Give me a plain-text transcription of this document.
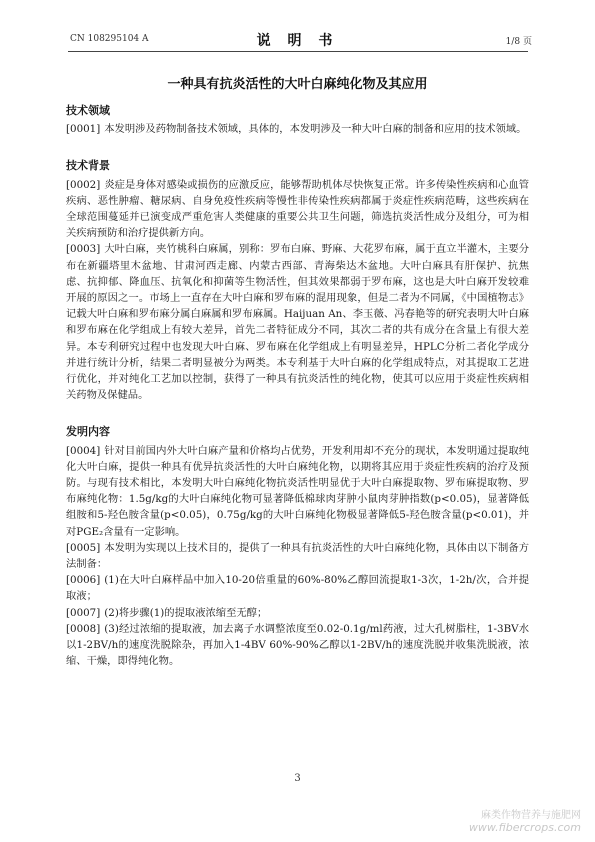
CN 108295104 A	说 明 书	1/8 页
一种具有抗炎活性的大叶白麻纯化物及其应用
技术领域

[0001] 本发明涉及药物制备技术领域，具体的，本发明涉及一种大叶白麻的制备和应用的技术领域。

技术背景

[0002] 炎症是身体对感染或损伤的应激反应，能够帮助机体尽快恢复正常。许多传染性疾病和心血管疾病、恶性肿瘤、糖尿病、自身免疫性疾病等慢性非传染性疾病都属于炎症性疾病范畴，这些疾病在全球范围蔓延并已演变成严重危害人类健康的重要公共卫生问题，筛选抗炎活性成分及组分，可为相关疾病预防和治疗提供新方向。

[0003] 大叶白麻，夹竹桃科白麻属，别称：罗布白麻、野麻、大花罗布麻，属于直立半灌木，主要分布在新疆塔里木盆地、甘肃河西走廊、内蒙古西部、青海柴达木盆地。大叶白麻具有肝保护、抗焦虑、抗抑郁、降血压、抗氧化和抑菌等生物活性，但其效果都弱于罗布麻，这也是大叶白麻开发较难开展的原因之一。市场上一直存在大叶白麻和罗布麻的混用现象，但是二者为不同属，《中国植物志》记载大叶白麻和罗布麻分属白麻属和罗布麻属。Haijuan An、李玉薇、冯春艳等的研究表明大叶白麻和罗布麻在化学组成上有较大差异，首先二者特征成分不同，其次二者的共有成分在含量上有很大差异。本专利研究过程中也发现大叶白麻、罗布麻在化学组成上有明显差异，HPLC分析二者化学成分并进行统计分析，结果二者明显被分为两类。本专利基于大叶白麻的化学组成特点，对其提取工艺进行优化，并对纯化工艺加以控制，获得了一种具有抗炎活性的纯化物，使其可以应用于炎症性疾病相关药物及保健品。

发明内容

[0004] 针对目前国内外大叶白麻产量和价格均占优势，开发利用却不充分的现状，本发明通过提取纯化大叶白麻，提供一种具有优异抗炎活性的大叶白麻纯化物，以期将其应用于炎症性疾病的治疗及预防。与现有技术相比，本发明大叶白麻纯化物抗炎活性明显优于大叶白麻提取物、罗布麻提取物、罗布麻纯化物：1.5g/kg的大叶白麻纯化物可显著降低棉球肉芽肿小鼠肉芽肿指数(p<0.05)，显著降低组胺和5-羟色胺含量(p<0.05)，0.75g/kg的大叶白麻纯化物极显著降低5-羟色胺含量(p<0.01)，并对PGE₂含量有一定影响。

[0005] 本发明为实现以上技术目的，提供了一种具有抗炎活性的大叶白麻纯化物，具体由以下制备方法制备：

[0006] (1)在大叶白麻样品中加入10-20倍重量的60%-80%乙醇回流提取1-3次，1-2h/次，合并提取液；

[0007] (2)将步骤(1)的提取液浓缩至无醇；

[0008] (3)经过浓缩的提取液，加去离子水调整浓度至0.02-0.1g/ml药液，过大孔树脂柱，1-3BV水以1-2BV/h的速度洗脱除杂，再加入1-4BV 60%-90%乙醇以1-2BV/h的速度洗脱并收集洗脱液，浓缩、干燥，即得纯化物。

3
麻类作物营养与施肥网
www.fibercrops.com
